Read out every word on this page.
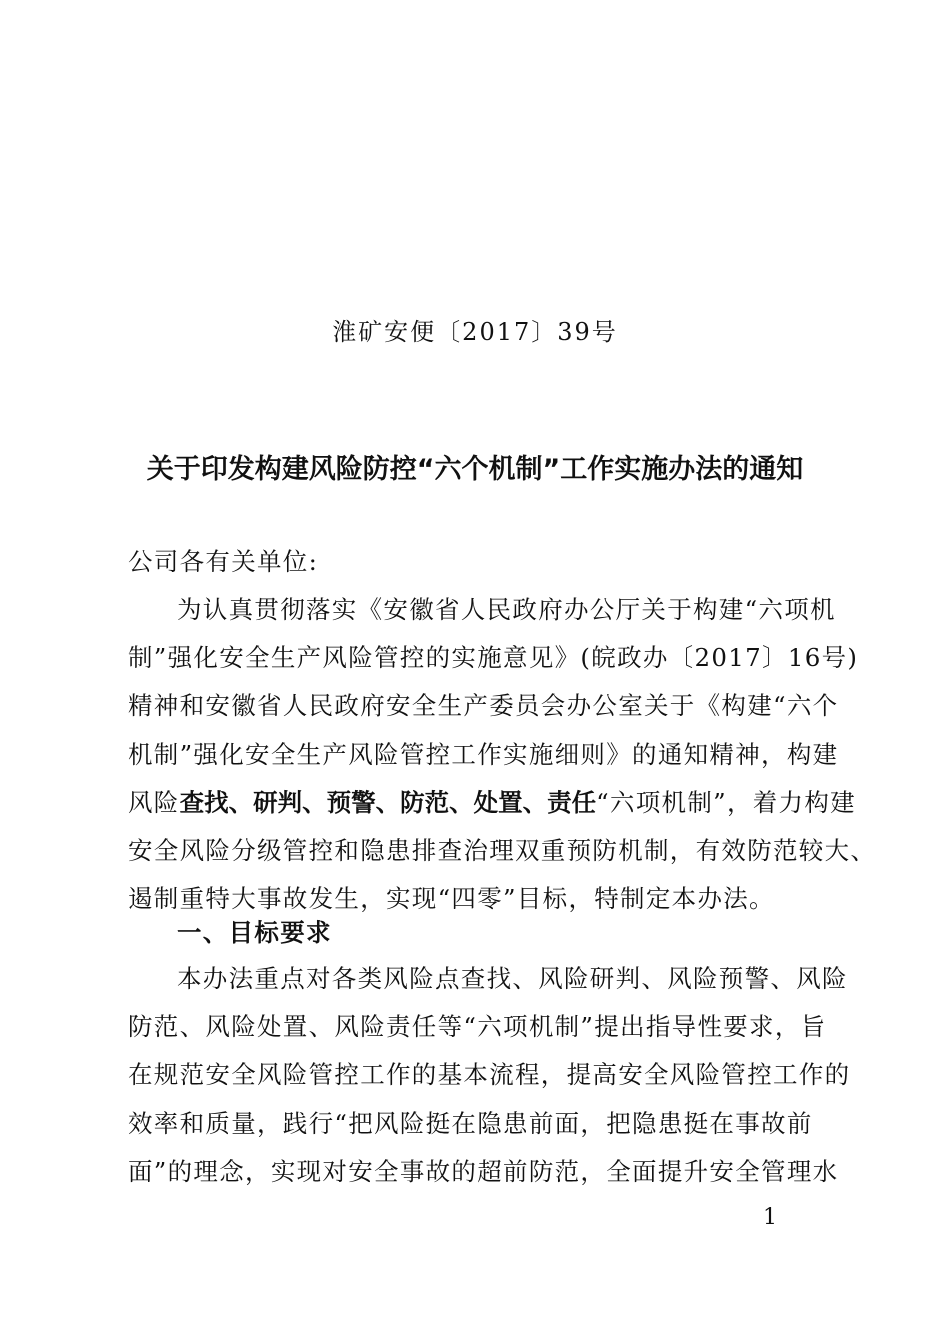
淮矿安便〔2017〕39号
关于印发构建风险防控“六个机制”工作实施办法的通知
公司各有关单位:
为认真贯彻落实《安徽省人民政府办公厅关于构建“六项机
制”强化安全生产风险管控的实施意见》(皖政办〔2017〕16号)
精神和安徽省人民政府安全生产委员会办公室关于《构建“六个
机制”强化安全生产风险管控工作实施细则》的通知精神，构建
风险查找、研判、预警、防范、处置、责任“六项机制”，着力构建
安全风险分级管控和隐患排查治理双重预防机制，有效防范较大、
遏制重特大事故发生，实现“四零”目标，特制定本办法。
一、目标要求
本办法重点对各类风险点查找、风险研判、风险预警、风险
防范、风险处置、风险责任等“六项机制”提出指导性要求，旨
在规范安全风险管控工作的基本流程，提高安全风险管控工作的
效率和质量，践行“把风险挺在隐患前面，把隐患挺在事故前
面”的理念，实现对安全事故的超前防范，全面提升安全管理水
1
